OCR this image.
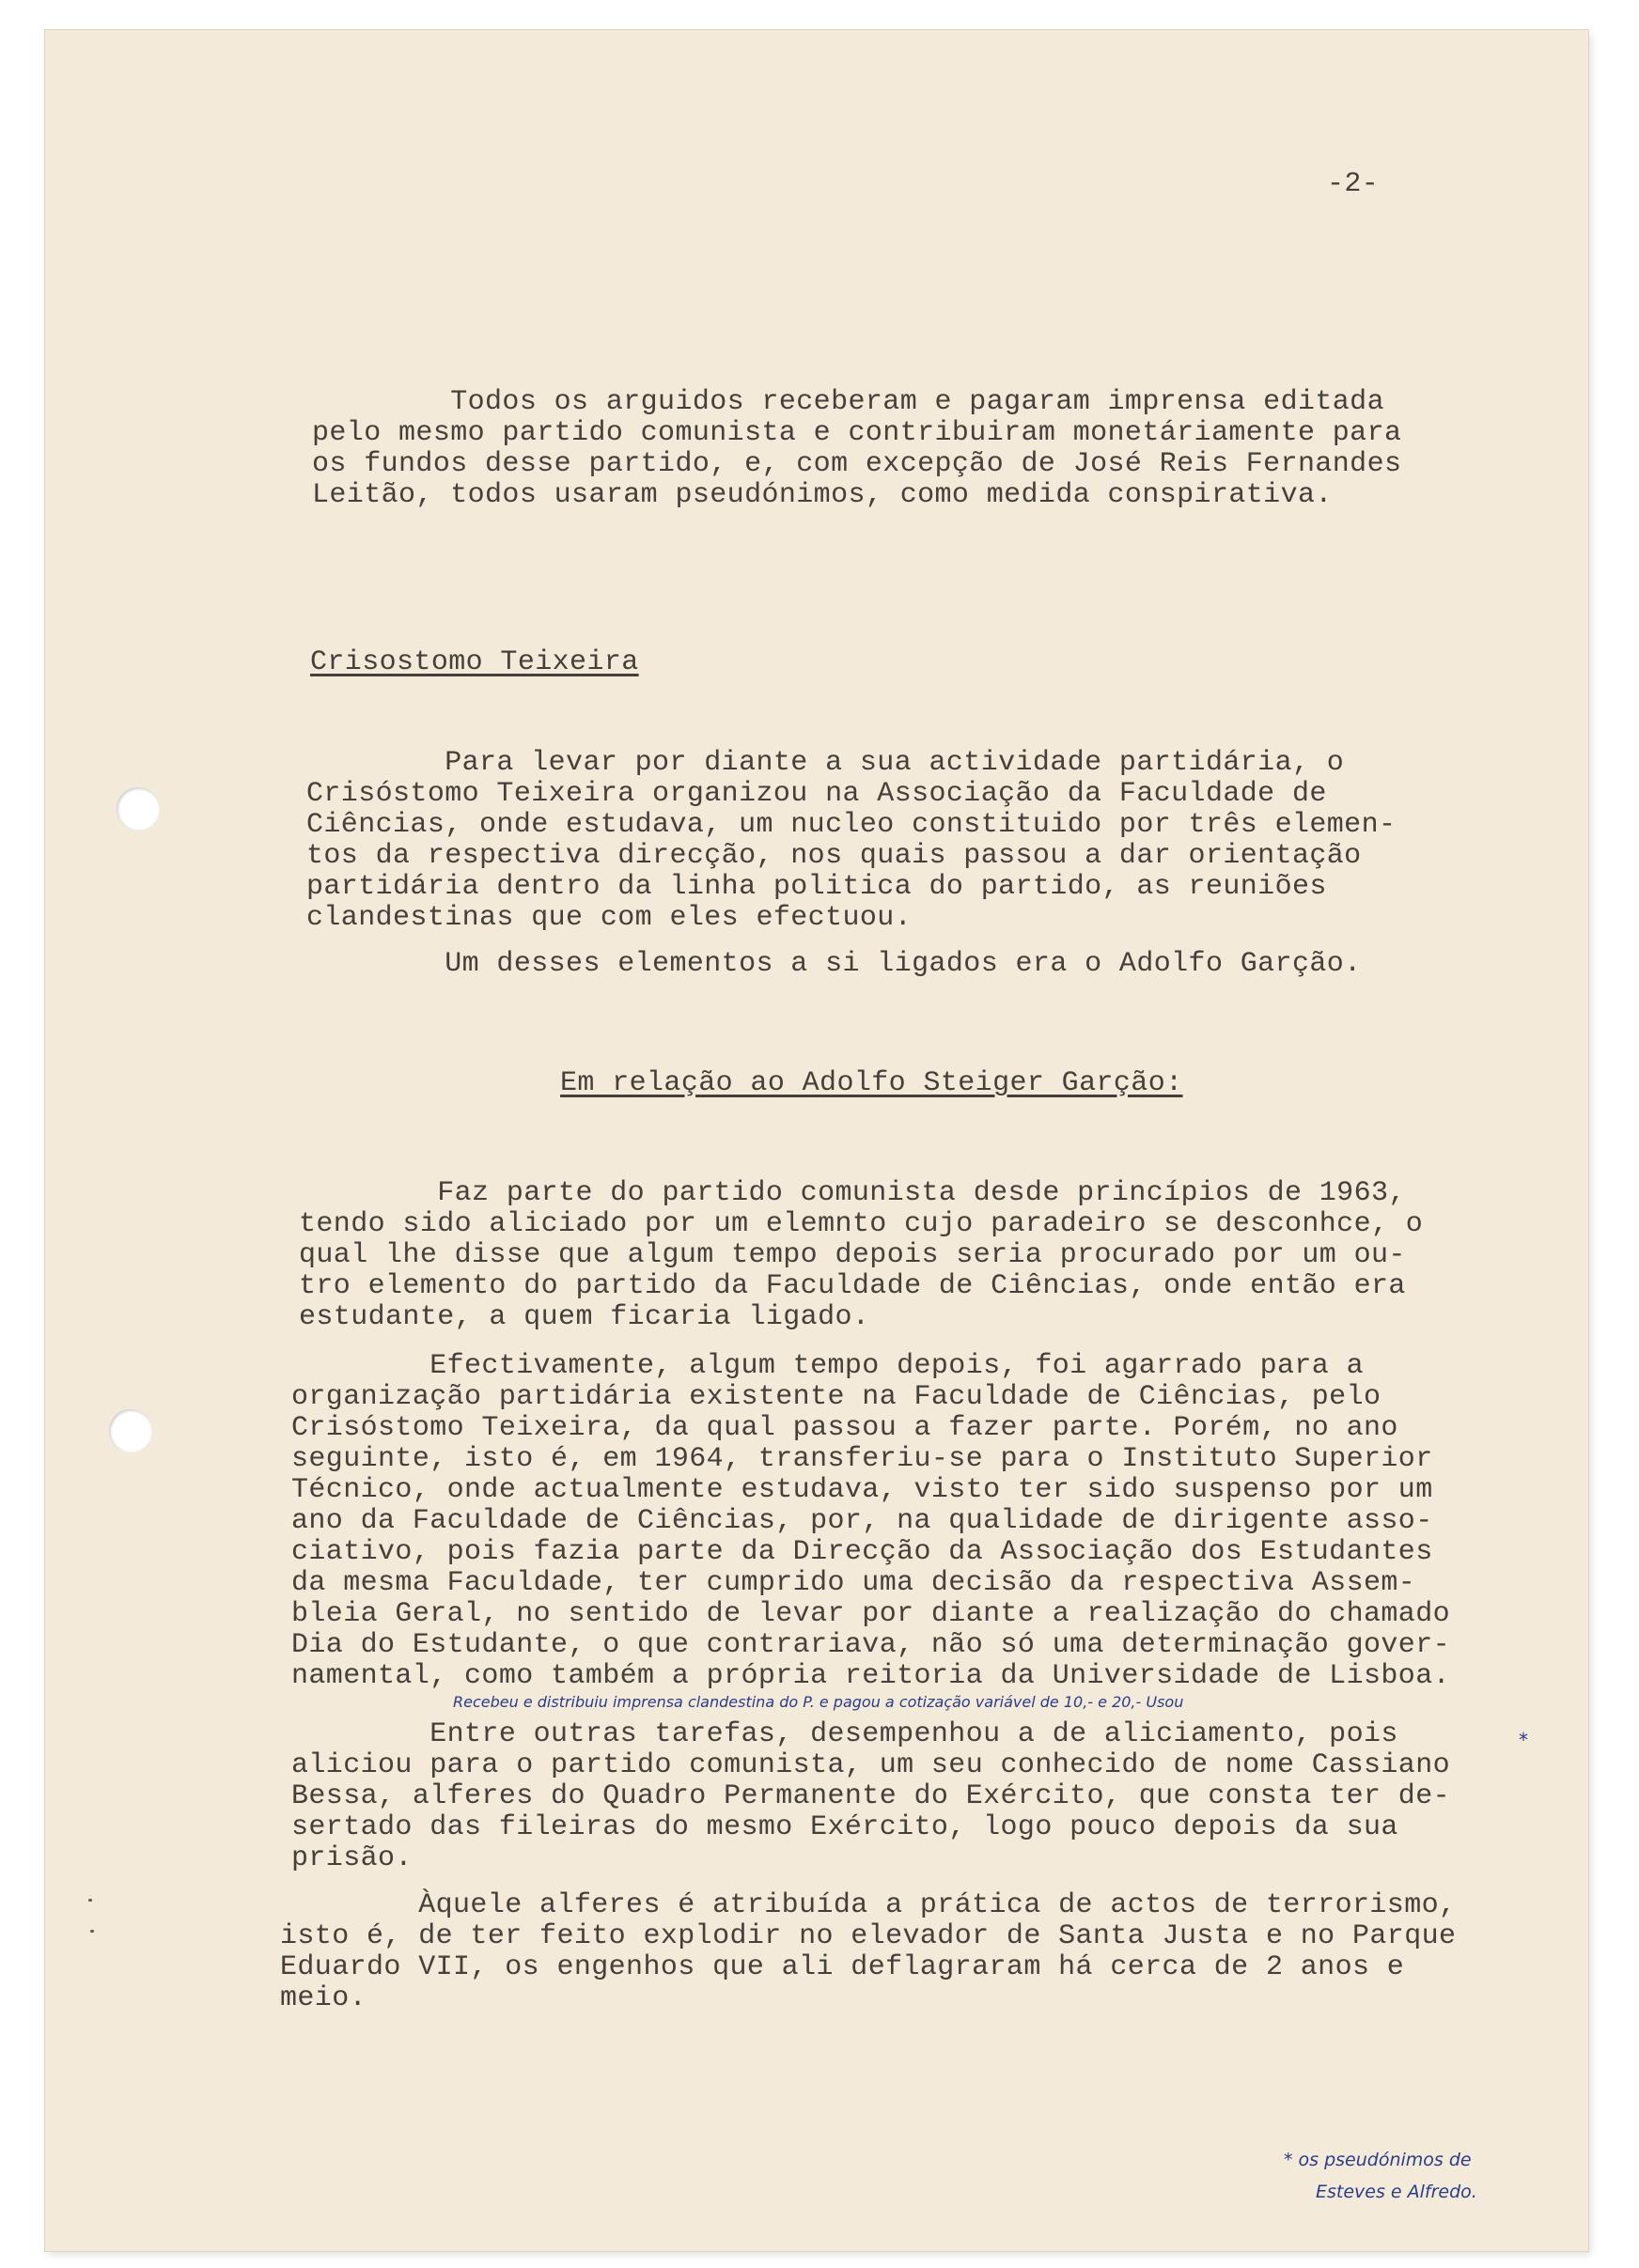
-2-
Todos os arguidos receberam e pagaram imprensa editada
pelo mesmo partido comunista e contribuiram monetáriamente para
os fundos desse partido, e, com excepção de José Reis Fernandes
Leitão, todos usaram pseudónimos, como medida conspirativa.
Crisostomo Teixeira
Para levar por diante a sua actividade partidária, o
Crisóstomo Teixeira organizou na Associação da Faculdade de
Ciências, onde estudava, um nucleo constituido por três elemen-
tos da respectiva direcção, nos quais passou a dar orientação
partidária dentro da linha politica do partido, as reuniões
clandestinas que com eles efectuou.
Um desses elementos a si ligados era o Adolfo Garção.
Em relação ao Adolfo Steiger Garção:
Faz parte do partido comunista desde princípios de 1963,
tendo sido aliciado por um elemnto cujo paradeiro se desconhce, o
qual lhe disse que algum tempo depois seria procurado por um ou-
tro elemento do partido da Faculdade de Ciências, onde então era
estudante, a quem ficaria ligado.
Efectivamente, algum tempo depois, foi agarrado para a
organização partidária existente na Faculdade de Ciências, pelo
Crisóstomo Teixeira, da qual passou a fazer parte. Porém, no ano
seguinte, isto é, em 1964, transferiu-se para o Instituto Superior
Técnico, onde actualmente estudava, visto ter sido suspenso por um
ano da Faculdade de Ciências, por, na qualidade de dirigente asso-
ciativo, pois fazia parte da Direcção da Associação dos Estudantes
da mesma Faculdade, ter cumprido uma decisão da respectiva Assem-
bleia Geral, no sentido de levar por diante a realização do chamado
Dia do Estudante, o que contrariava, não só uma determinação gover-
namental, como também a própria reitoria da Universidade de Lisboa.
Recebeu e distribuiu imprensa clandestina do P. e pagou a cotização variável de 10,- e 20,- Usou
*
Entre outras tarefas, desempenhou a de aliciamento, pois
aliciou para o partido comunista, um seu conhecido de nome Cassiano
Bessa, alferes do Quadro Permanente do Exército, que consta ter de-
sertado das fileiras do mesmo Exército, logo pouco depois da sua
prisão.
Àquele alferes é atribuída a prática de actos de terrorismo,
isto é, de ter feito explodir no elevador de Santa Justa e no Parque
Eduardo VII, os engenhos que ali deflagraram há cerca de 2 anos e
meio.
* os pseudónimos de
Esteves e Alfredo.
